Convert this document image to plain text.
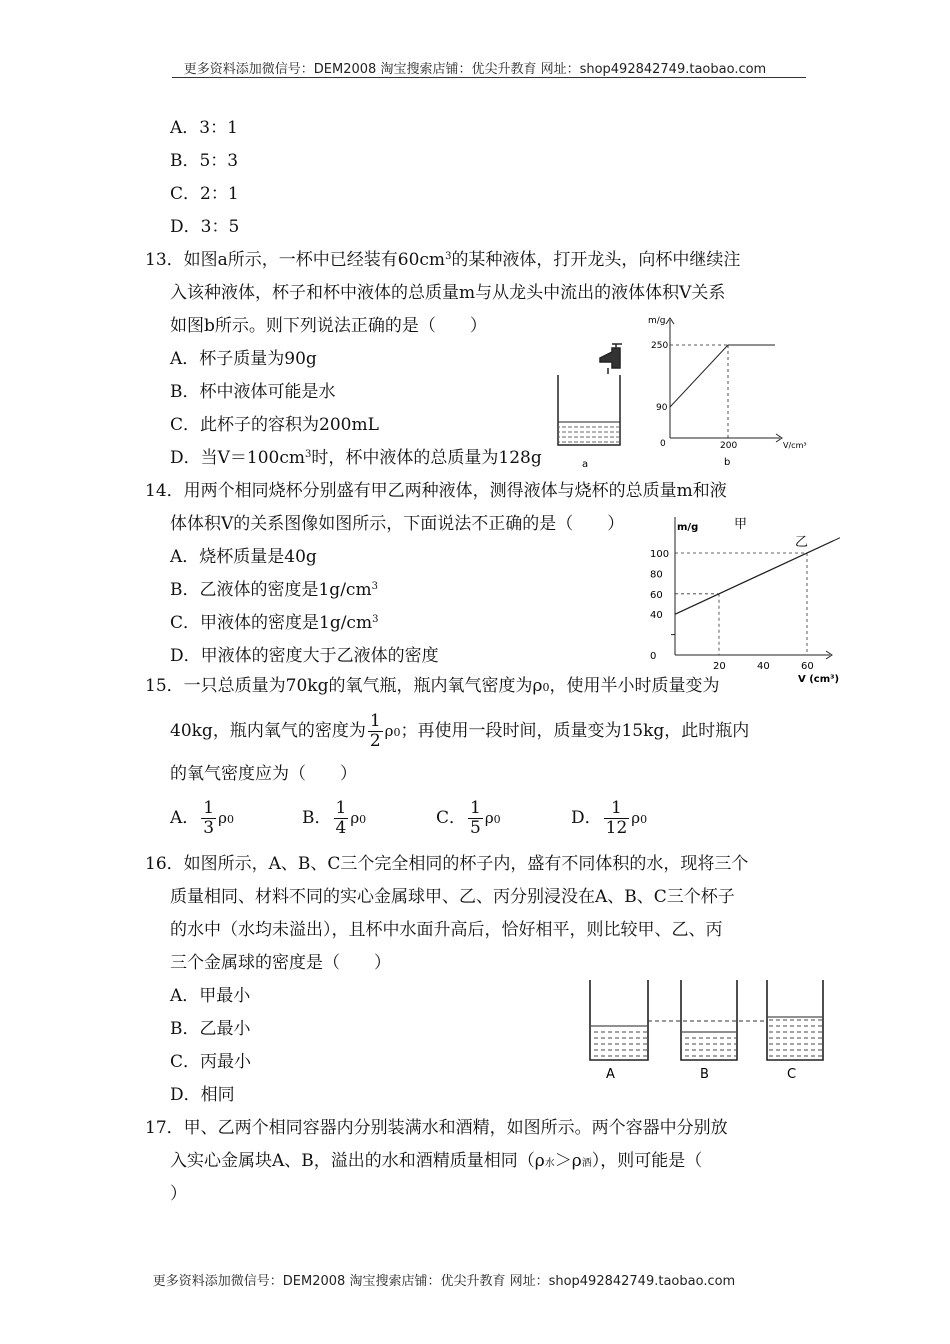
更多资料添加微信号：DEM2008 淘宝搜索店铺：优尖升教育 网址：shop492842749.taobao.com
A．3：1
B．5：3
C．2：1
D．3：5
13．如图a所示，一杯中已经装有$60cm^3$的某种液体，打开龙头，向杯中继续注
入该种液体，杯子和杯中液体的总质量m与从龙头中流出的液体体积V关系
如图b所示。则下列说法正确的是（　　）
A．杯子质量为90g
B．杯中液体可能是水
C．此杯子的容积为200mL
D．当$V=100cm^3$时，杯中液体的总质量为128g	a
m/g
250
90
0	200	V/cm³
b
14．用两个相同烧杯分别盛有甲乙两种液体，测得液体与烧杯的总质量m和液
体体积V的关系图像如图所示，下面说法不正确的是（　　）
A．烧杯质量是40g
B．乙液体的密度是$1g/cm^3$
C．甲液体的密度是$1g/cm^3$
D．甲液体的密度大于乙液体的密度
100
80
60
40
0
20	40	60
m/g
V (cm³)
甲
乙
15．一只总质量为70kg的氧气瓶，瓶内氧气密度为ρ0，使用半小时质量变为
40kg，瓶内氧气的密度为 $\frac{1}{2} \rho 0$；再使用一段时间，质量变为15kg，此时瓶内
的氧气密度应为（　　）
A． $\frac{1}{3} \rho 0$	B． $\frac{1}{4} \rho 0$	C． $\frac{1}{5} \rho 0$	D． $\frac{1}{12} \rho 0$
16．如图所示，A、B、C三个完全相同的杯子内，盛有不同体积的水，现将三个
质量相同、材料不同的实心金属球甲、乙、丙分别浸没在A、B、C三个杯子
的水中（水均未溢出），且杯中水面升高后，恰好相平，则比较甲、乙、丙
三个金属球的密度是（　　）
A．甲最小
B．乙最小
C．丙最小
D．相同
A	B	C
17．甲、乙两个相同容器内分别装满水和酒精，如图所示。两个容器中分别放
入实心金属块A、B，溢出的水和酒精质量相同（ρ水＞ρ酒），则可能是（
）
更多资料添加微信号：DEM2008 淘宝搜索店铺：优尖升教育 网址：shop492842749.taobao.com
